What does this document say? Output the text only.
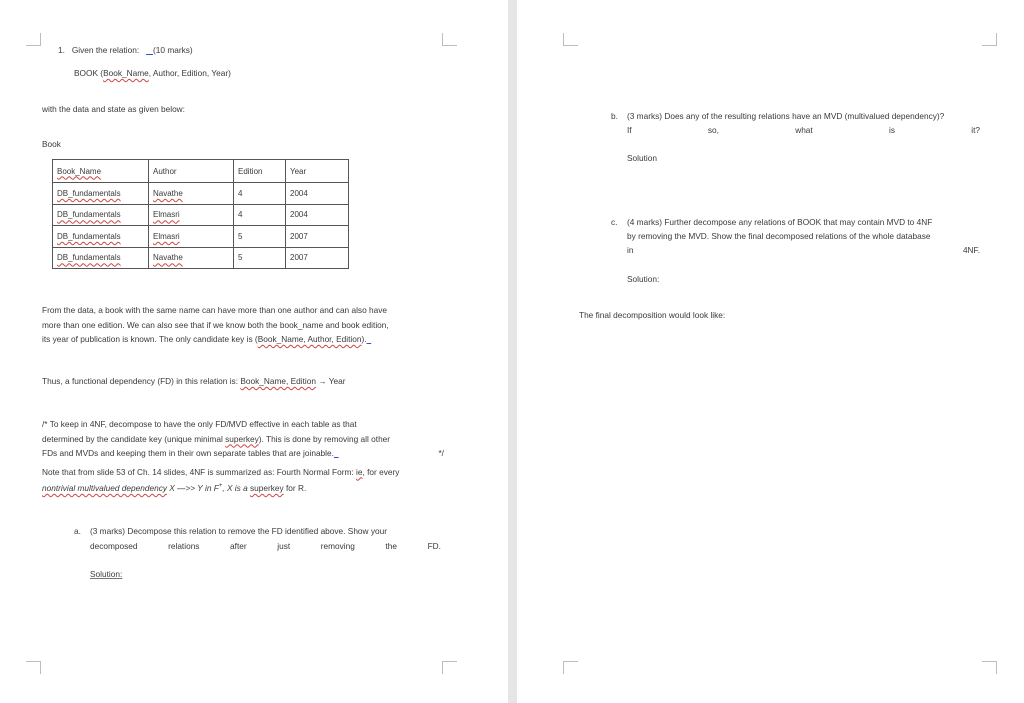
1. Given the relation: (10 marks)
BOOK (Book_Name, Author, Edition, Year)
with the data and state as given below:
Book
Book_Name	Author	Edition	Year
DB_fundamentals	Navathe	4	2004
DB_fundamentals	Elmasri	4	2004
DB_fundamentals	Elmasri	5	2007
DB_fundamentals	Navathe	5	2007
From the data, a book with the same name can have more than one author and can also have
more than one edition. We can also see that if we know both the book_name and book edition,
its year of publication is known. The only candidate key is (Book_Name, Author, Edition).
Thus, a functional dependency (FD) in this relation is: Book_Name, Edition → Year
/* To keep in 4NF, decompose to have the only FD/MVD effective in each table as that
determined by the candidate key (unique minimal superkey). This is done by removing all other
FDs and MVDs and keeping them in their own separate tables that are joinable.	*/
Note that from slide 53 of Ch. 14 slides, 4NF is summarized as: Fourth Normal Form: ie, for every
nontrivial multivalued dependency X —>> Y in F+, X is a superkey for R.
a. (3 marks) Decompose this relation to remove the FD identified above. Show your
decomposed	relations	after	just	removing	the	FD.
Solution:
b. (3 marks) Does any of the resulting relations have an MVD (multivalued dependency)?
If	so,	what	is	it?
Solution
c. (4 marks) Further decompose any relations of BOOK that may contain MVD to 4NF
by removing the MVD. Show the final decomposed relations of the whole database
in	4NF.
Solution:
The final decomposition would look like:
